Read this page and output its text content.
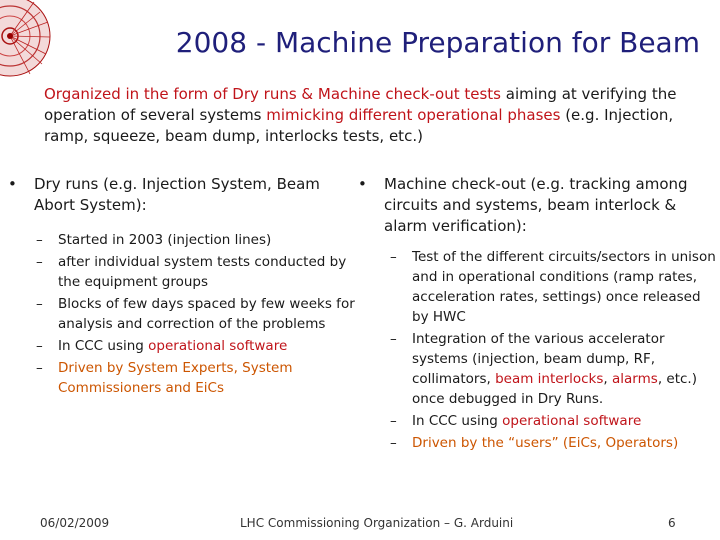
2008 - Machine Preparation for Beam
Organized in the form of Dry runs & Machine check-out tests aiming at verifying the operation of several systems mimicking different operational phases (e.g. Injection, ramp, squeeze, beam dump, interlocks tests, etc.)
•	Dry runs (e.g. Injection System, Beam Abort System):
–	Started in 2003 (injection lines)
–	after individual system tests conducted by the equipment groups
–	Blocks of few days spaced by few weeks for analysis and correction of the problems
–	In CCC using operational software
–	Driven by System Experts, System Commissioners and EiCs
•	Machine check-out (e.g. tracking among circuits and systems, beam interlock & alarm verification):
–	Test of the different circuits/sectors in unison and in operational conditions (ramp rates, acceleration rates, settings) once released by HWC
–	Integration of the various accelerator systems (injection, beam dump, RF, collimators, beam interlocks, alarms, etc.) once debugged in Dry Runs.
–	In CCC using operational software
–	Driven by the “users” (EiCs, Operators)
06/02/2009	LHC Commissioning Organization – G. Arduini	6
